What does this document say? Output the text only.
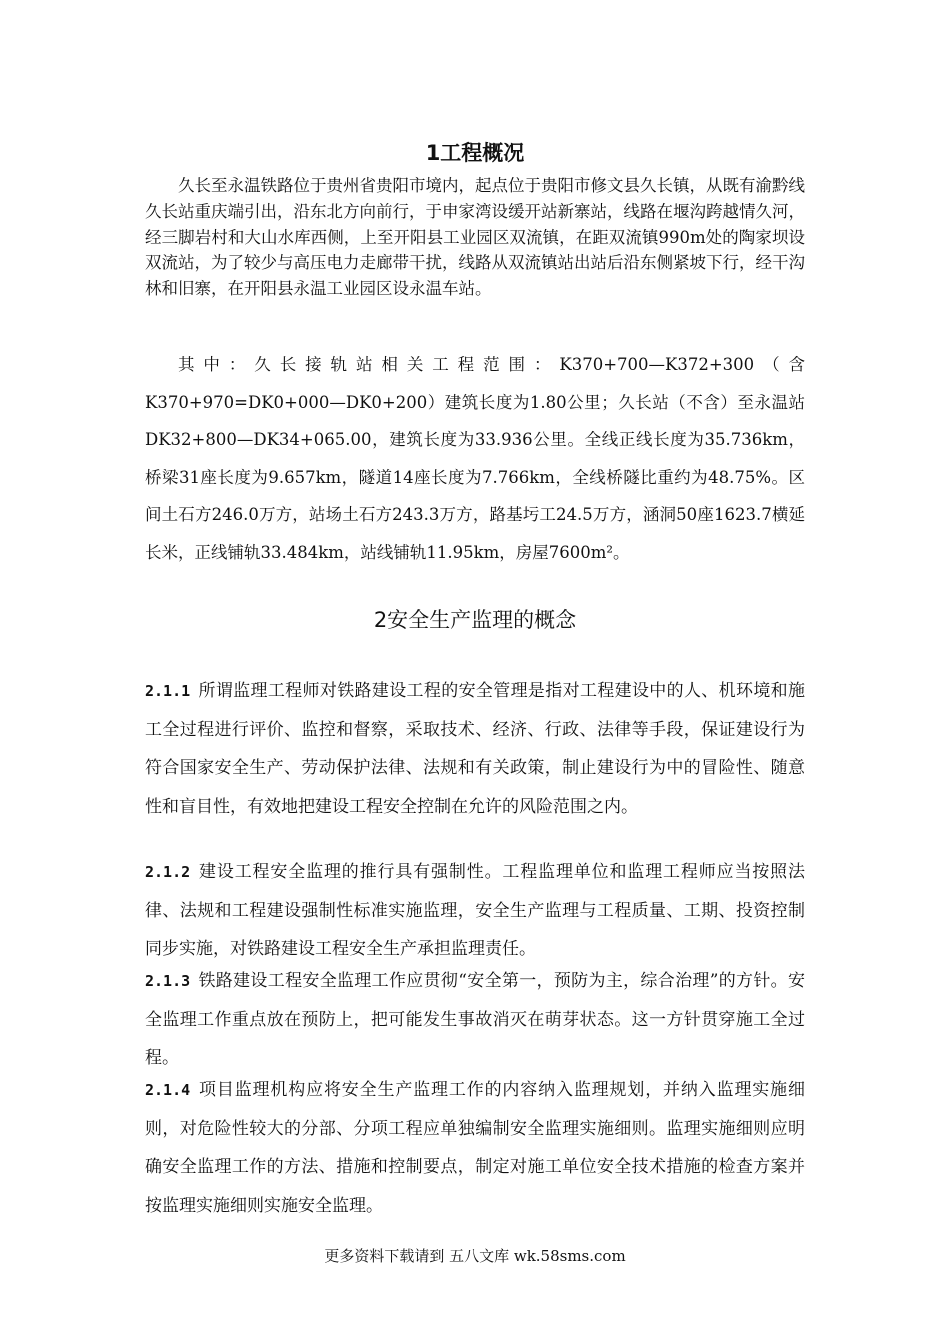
1工程概况

久长至永温铁路位于贵州省贵阳市境内，起点位于贵阳市修文县久长镇，从既有渝黔线久长站重庆端引出，沿东北方向前行，于申家湾设缓开站新寨站，线路在堰沟跨越情久河，经三脚岩村和大山水库西侧，上至开阳县工业园区双流镇，在距双流镇990m处的陶家坝设双流站，为了较少与高压电力走廊带干扰，线路从双流镇站出站后沿东侧紧坡下行，经干沟林和旧寨，在开阳县永温工业园区设永温车站。

其中：久长接轨站相关工程范围：K370+700—K372+300（含K370+970=DK0+000—DK0+200）建筑长度为1.80公里；久长站（不含）至永温站DK32+800—DK34+065.00，建筑长度为33.936公里。全线正线长度为35.736km，桥梁31座长度为9.657km，隧道14座长度为7.766km，全线桥隧比重约为48.75%。区间土石方246.0万方，站场土石方243.3万方，路基圬工24.5万方，涵洞50座1623.7横延长米，正线铺轨33.484km，站线铺轨11.95km，房屋7600m²。

2安全生产监理的概念

2.1.1 所谓监理工程师对铁路建设工程的安全管理是指对工程建设中的人、机环境和施工全过程进行评价、监控和督察，采取技术、经济、行政、法律等手段，保证建设行为符合国家安全生产、劳动保护法律、法规和有关政策，制止建设行为中的冒险性、随意性和盲目性，有效地把建设工程安全控制在允许的风险范围之内。

2.1.2 建设工程安全监理的推行具有强制性。工程监理单位和监理工程师应当按照法律、法规和工程建设强制性标准实施监理，安全生产监理与工程质量、工期、投资控制同步实施，对铁路建设工程安全生产承担监理责任。

2.1.3 铁路建设工程安全监理工作应贯彻“安全第一，预防为主，综合治理”的方针。安全监理工作重点放在预防上，把可能发生事故消灭在萌芽状态。这一方针贯穿施工全过程。

2.1.4 项目监理机构应将安全生产监理工作的内容纳入监理规划，并纳入监理实施细则，对危险性较大的分部、分项工程应单独编制安全监理实施细则。监理实施细则应明确安全监理工作的方法、措施和控制要点，制定对施工单位安全技术措施的检查方案并按监理实施细则实施安全监理。

更多资料下载请到 五八文库 wk.58sms.com
